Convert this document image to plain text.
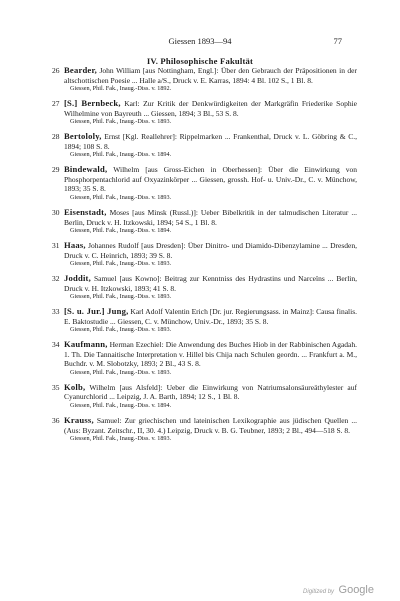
Giessen 1893—94	77
IV. Philosophische Fakultät
26 Bearder, John William [aus Nottingham, Engl.]: Über den Gebrauch der Präpositionen in der altschottischen Poesie ... Halle a/S., Druck v. E. Karras, 1894: 4 Bl. 102 S., 1 Bl. 8.
Giessen, Phil. Fak., Inaug.-Diss. v. 1892.
27 [S.] Bernbeck, Karl: Zur Kritik der Denkwürdigkeiten der Markgräfin Friederike Sophie Wilhelmine von Bayreuth ... Giessen, 1894; 3 Bl., 53 S. 8.
Giessen, Phil. Fak., Inaug.-Diss. v. 1893.
28 Bertololy, Ernst [Kgl. Reallehrer]: Rippelmarken ... Frankenthal, Druck v. L. Göbring & C., 1894; 108 S. 8.
Giessen, Phil. Fak., Inaug.-Diss. v. 1894.
29 Bindewald, Wilhelm [aus Gross-Eichen in Oberhessen]: Über die Einwirkung von Phosphorpentachlorid auf Oxyazinkörper ... Giessen, grossh. Hof- u. Univ.-Dr., C. v. Münchow, 1893; 35 S. 8.
Giessen, Phil. Fak., Inaug.-Diss. v. 1893.
30 Eisenstadt, Moses [aus Minsk (Russl.)]: Ueber Bibelkritik in der talmudischen Literatur ... Berlin, Druck v. H. Itzkowski, 1894; 54 S., 1 Bl. 8.
Giessen, Phil. Fak., Inaug.-Diss. v. 1894.
31 Haas, Johannes Rudolf [aus Dresden]: Über Dinitro- und Diamido-Dibenzylamine ... Dresden, Druck v. C. Heinrich, 1893; 39 S. 8.
Giessen, Phil. Fak., Inaug.-Diss. v. 1893.
32 Joddit, Samuel [aus Kowno]: Beitrag zur Kenntniss des Hydrastins und Narceïns ... Berlin, Druck v. H. Itzkowski, 1893; 41 S. 8.
Giessen, Phil. Fak., Inaug.-Diss. v. 1893.
33 [S. u. Jur.] Jung, Karl Adolf Valentin Erich [Dr. jur. Regierungsass. in Mainz]: Causa finalis. E. Baktostudie ... Giessen, C. v. Münchow, Univ.-Dr., 1893; 35 S. 8.
Giessen, Phil. Fak., Inaug.-Diss. v. 1893.
34 Kaufmann, Herman Ezechiel: Die Anwendung des Buches Hiob in der Rabbinischen Agadah. 1. Th. Die Tannaitische Interpretation v. Hillel bis Chija nach Schulen geordn. ... Frankfurt a. M., Buchdr. v. M. Slobotzky, 1893; 2 Bl., 43 S. 8.
Giessen, Phil. Fak., Inaug.-Diss. v. 1893.
35 Kolb, Wilhelm [aus Alsfeld]: Ueber die Einwirkung von Natriumsalonsäureäthylester auf Cyanurchlorid ... Leipzig, J. A. Barth, 1894; 12 S., 1 Bl. 8.
Giessen, Phil. Fak., Inaug.-Diss. v. 1894.
36 Krauss, Samuel: Zur griechischen und lateinischen Lexikographie aus jüdischen Quellen ... (Aus: Byzant. Zeitschr., II, 30. 4.) Leipzig, Druck v. B. G. Teubner, 1893; 2 Bl., 494—518 S. 8.
Giessen, Phil. Fak., Inaug.-Diss. v. 1893.
Digitized by Google
